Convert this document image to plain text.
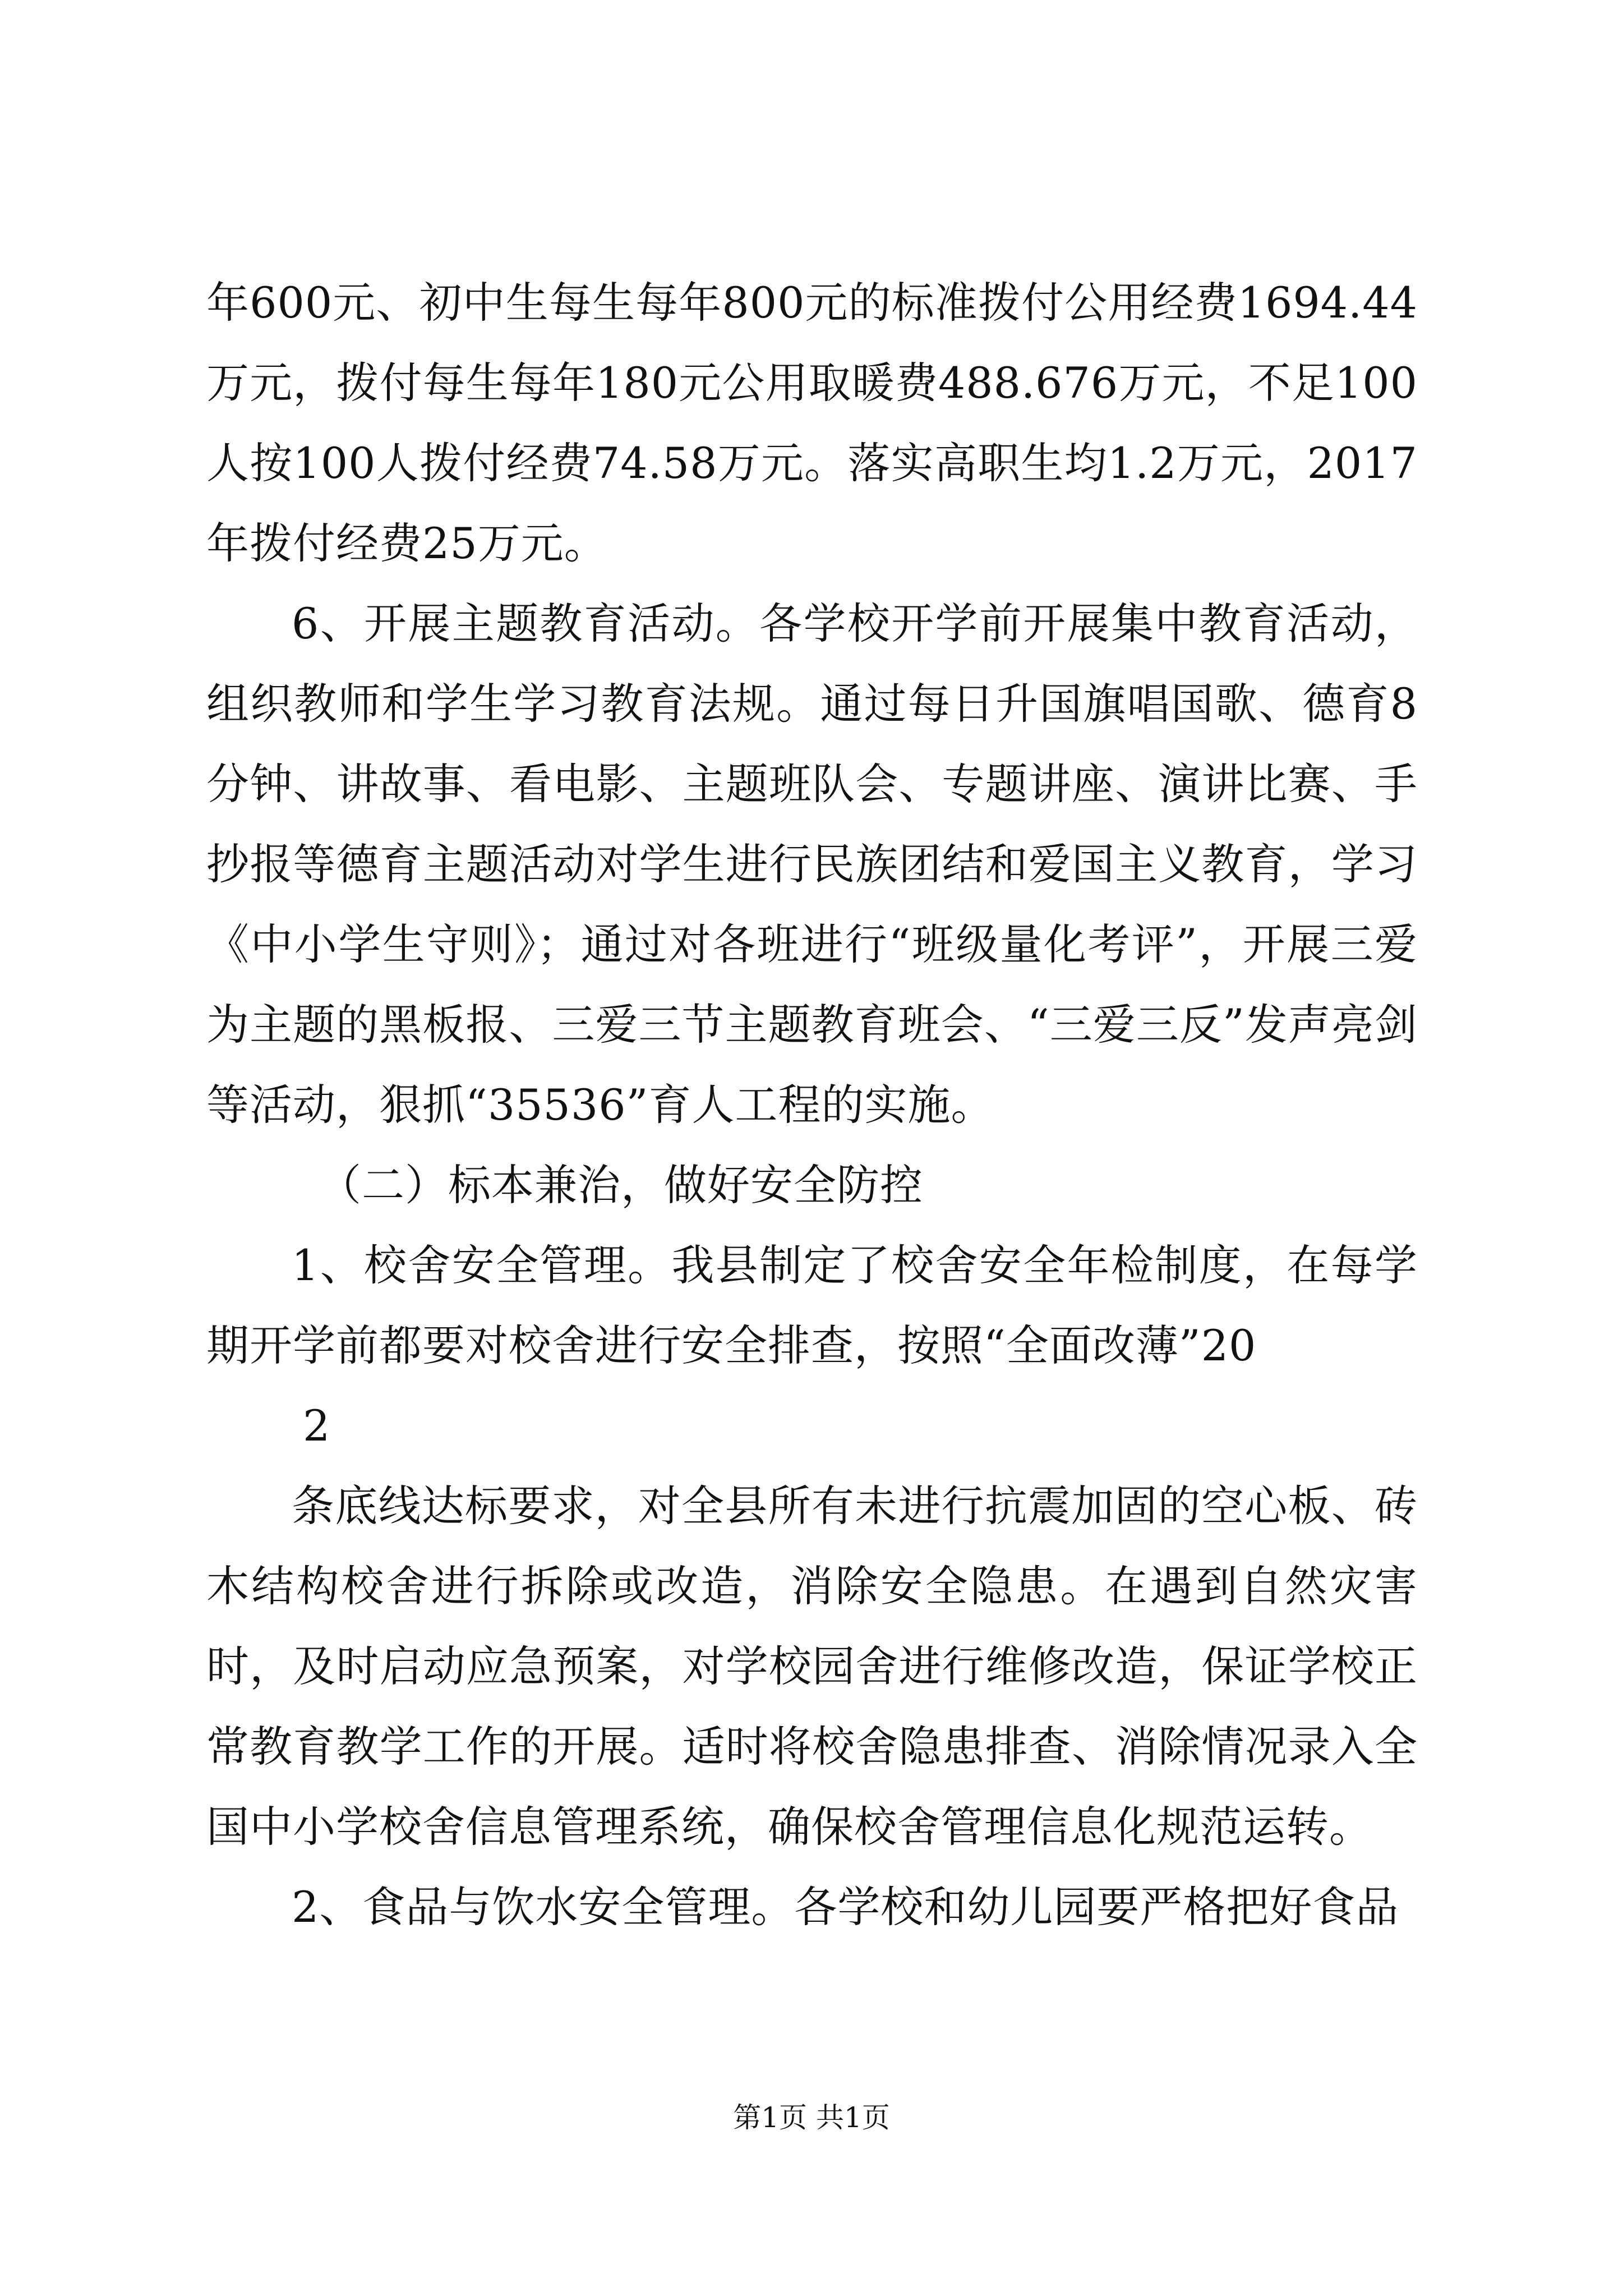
年600元、初中生每生每年800元的标准拨付公用经费1694.44万元，拨付每生每年180元公用取暖费488.676万元，不足100人按100人拨付经费74.58万元。落实高职生均1.2万元，2017年拨付经费25万元。

6、开展主题教育活动。各学校开学前开展集中教育活动，组织教师和学生学习教育法规。通过每日升国旗唱国歌、德育8分钟、讲故事、看电影、主题班队会、专题讲座、演讲比赛、手抄报等德育主题活动对学生进行民族团结和爱国主义教育，学习《中小学生守则》；通过对各班进行“班级量化考评”，开展三爱为主题的黑板报、三爱三节主题教育班会、“三爱三反”发声亮剑等活动，狠抓“35536”育人工程的实施。

（二）标本兼治，做好安全防控

1、校舍安全管理。我县制定了校舍安全年检制度，在每学期开学前都要对校舍进行安全排查，按照“全面改薄”20

2

条底线达标要求，对全县所有未进行抗震加固的空心板、砖木结构校舍进行拆除或改造，消除安全隐患。在遇到自然灾害时，及时启动应急预案，对学校园舍进行维修改造，保证学校正常教育教学工作的开展。适时将校舍隐患排查、消除情况录入全国中小学校舍信息管理系统，确保校舍管理信息化规范运转。

2、食品与饮水安全管理。各学校和幼儿园要严格把好食品

第1页 共1页
